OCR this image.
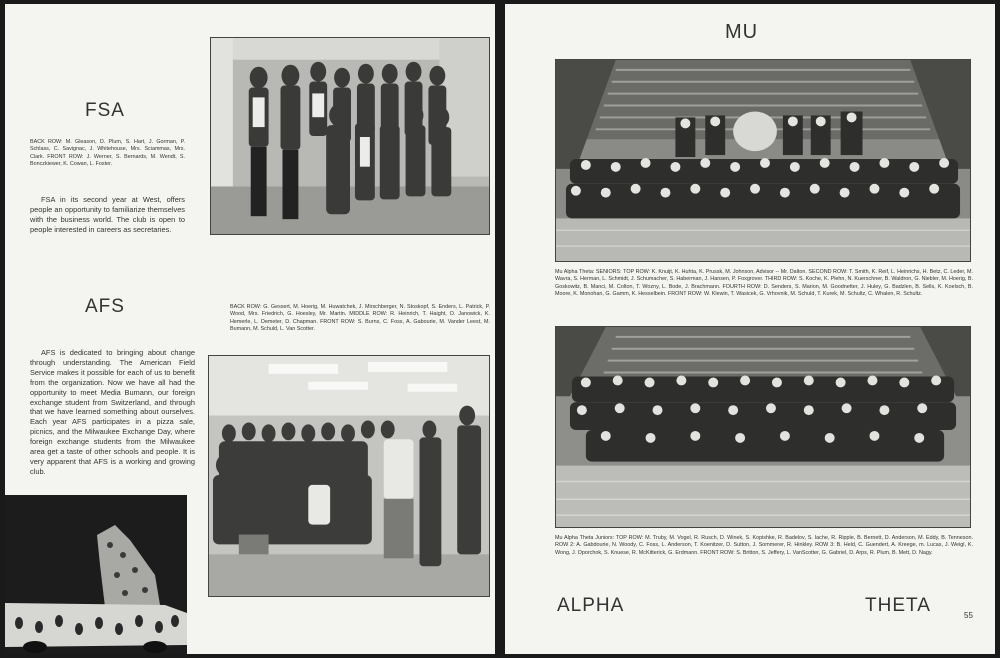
FSA
BACK ROW: M. Gleason, D. Plum, S. Hart, J. Gorman, P. Schlass, C. Savignac, J. Whitehouse, Mrs. Sciammas, Mrs. Clark. FRONT ROW: J. Werner, S. Bernards, M. Wendt, S. Bonczkiewer, K. Cowan, L. Foster.

FSA in its second year at West, offers people an opportunity to familiarize themselves with the business world. The club is open to people interested in careers as secretaries.

AFS	BACK ROW: G. Gessert, M. Hoerig, M. Huwatchek, J. Mirschberger, N. Stoskopf, S. Enders, L. Patrick, P. Wood, Mrs. Friedrich, G. Hoesley, Mr. Martin. MIDDLE ROW: R. Heinrich, T. Haight, O. Janowick, K. Hemerle, L. Demeter, D. Chapman. FRONT ROW: S. Burns, C. Foss, A. Gabourie, M. Vander Leest, M. Bumann, M. Schuld, L. Van Scotter.

AFS is dedicated to bringing about change through understanding. The American Field Service makes it possible for each of us to benefit from the organization. Now we have all had the opportunity to meet Media Bumann, our foreign exchange student from Switzerland, and through that we have learned something about ourselves. Each year AFS participates in a pizza sale, picnics, and the Milwaukee Exchange Day, where foreign exchange students from the Milwaukee area get a taste of other schools and people. It is very apparent that AFS is a working and growing club.

MU
Mu Alpha Theta: SENIORS: TOP ROW: K. Knuijt, K. Huhta, K. Prussk, M. Johnson, Advisor -- Mr. Dalton. SECOND ROW: T. Smith, K. Reif, L. Heinrichs, H. Betz, C. Leder, M. Wavra, S. Herman, L. Schmidt, J. Schumacher, S. Haberman, J. Hansen, P. Foxgrover. THIRD ROW: S. Koche, K. Plehn, N. Kuerschner, B. Waldron, G. Niebler, M. Hoerig, B. Goskowitz, B. Manci, M. Colton, T. Wozny, L. Bode, J. Brachmann. FOURTH ROW: D. Senders, S. Marion, M. Goodnetter, J. Huley, G. Badzlen, B. Sells, K. Koelsch, B. Moore, K. Monohan, G. Gamm, K. Hesselbein. FRONT ROW: W. Klewin, T. Wasicek, G. Vrhovnik, M. Schuld, T. Kurek, M. Schultz, C. Whalen, R. Schultz.
Mu Alpha Theta Juniors: TOP ROW: M. Truby, M. Vogel, R. Rusch, D. Winek, S. Kopishke, R. Badelov, S. Iache, R. Ripple, B. Bernett, D. Anderson, M. Eddy, B. Tenneson. ROW 2: A. Gabdourie, N. Woody, C. Foss, L. Anderson, T. Koenitzer, D. Sutton, J. Sommerer, R. Hinkley. ROW 3: B. Held, C. Guendert, A. Kreege, m. Lucas, J. Weigl, K. Wong, J. Oporchok, S. Knuese, R. McKitterick, G. Erdmann. FRONT ROW: S. Britton, S. Jeffery, L. VanScotter, G. Gabriel, D. Arps, R. Plum, B. Mett, D. Nagy.
ALPHA	THETA	55
